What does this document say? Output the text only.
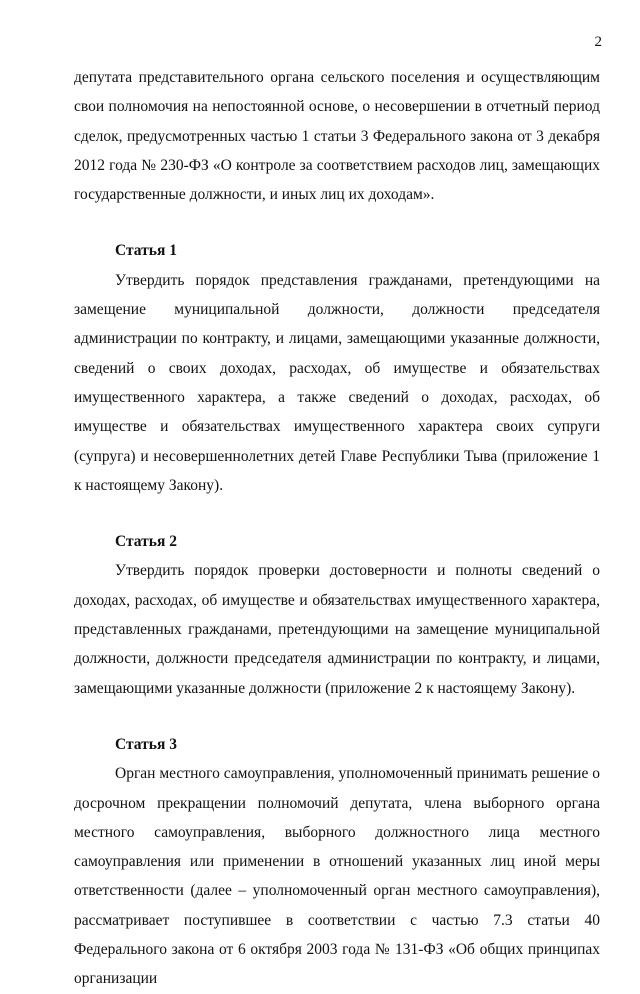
2

депутата представительного органа сельского поселения и осуществляющим свои полномочия на непостоянной основе, о несовершении в отчетный период сделок, предусмотренных частью 1 статьи 3 Федерального закона от 3 декабря 2012 года № 230-ФЗ «О контроле за соответствием расходов лиц, замещающих государственные должности, и иных лиц их доходам».

Статья 1

Утвердить порядок представления гражданами, претендующими на замещение муниципальной должности, должности председателя администрации по контракту, и лицами, замещающими указанные должности, сведений о своих доходах, расходах, об имуществе и обязательствах имущественного характера, а также сведений о доходах, расходах, об имуществе и обязательствах имущественного характера своих супруги (супруга) и несовершеннолетних детей Главе Республики Тыва (приложение 1 к настоящему Закону).

Статья 2

Утвердить порядок проверки достоверности и полноты сведений о доходах, расходах, об имуществе и обязательствах имущественного характера, представленных гражданами, претендующими на замещение муниципальной должности, должности председателя администрации по контракту, и лицами, замещающими указанные должности (приложение 2 к настоящему Закону).

Статья 3

Орган местного самоуправления, уполномоченный принимать решение о досрочном прекращении полномочий депутата, члена выборного органа местного самоуправления, выборного должностного лица местного самоуправления или применении в отношений указанных лиц иной меры ответственности (далее – уполномоченный орган местного самоуправления), рассматривает поступившее в соответствии с частью 7.3 статьи 40 Федерального закона от 6 октября 2003 года № 131-ФЗ «Об общих принципах организации
